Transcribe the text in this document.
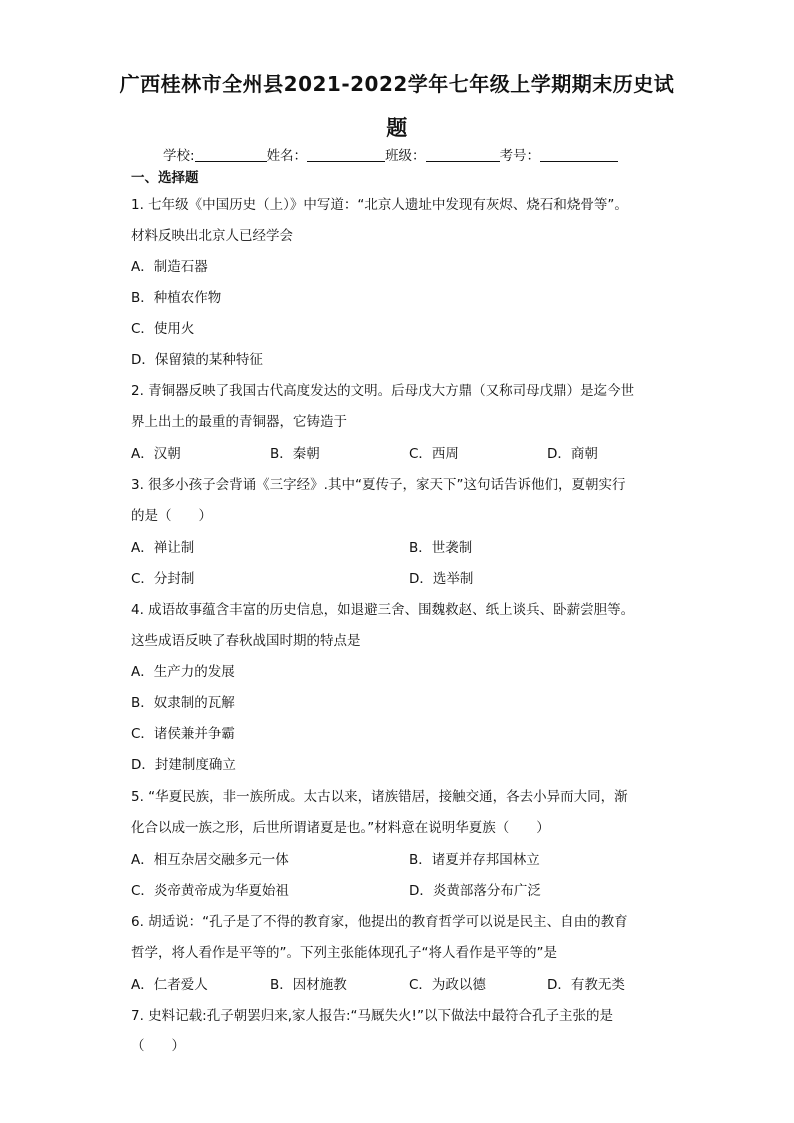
广西桂林市全州县2021-2022学年七年级上学期期末历史试
题
学校:	姓名：	班级：	考号：
一、选择题
1. 七年级《中国历史（上）》中写道：“北京人遗址中发现有灰烬、烧石和烧骨等”。
材料反映出北京人已经学会
A．制造石器
B．种植农作物
C．使用火
D．保留猿的某种特征
2. 青铜器反映了我国古代高度发达的文明。后母戊大方鼎（又称司母戊鼎）是迄今世
界上出土的最重的青铜器，它铸造于
A．汉朝	B．秦朝	C．西周	D．商朝
3. 很多小孩子会背诵《三字经》.其中“夏传子，家天下”这句话告诉他们，夏朝实行
的是（　　）
A．禅让制	B．世袭制
C．分封制	D．选举制
4. 成语故事蕴含丰富的历史信息，如退避三舍、围魏救赵、纸上谈兵、卧薪尝胆等。
这些成语反映了春秋战国时期的特点是
A．生产力的发展
B．奴隶制的瓦解
C．诸侯兼并争霸
D．封建制度确立
5. “华夏民族，非一族所成。太古以来，诸族错居，接触交通，各去小异而大同，渐
化合以成一族之形，后世所谓诸夏是也。”材料意在说明华夏族（　　）
A．相互杂居交融多元一体	B．诸夏并存邦国林立
C．炎帝黄帝成为华夏始祖	D．炎黄部落分布广泛
6. 胡适说：“孔子是了不得的教育家，他提出的教育哲学可以说是民主、自由的教育
哲学，将人看作是平等的”。下列主张能体现孔子“将人看作是平等的”是
A．仁者爱人	B．因材施教	C．为政以德	D．有教无类
7. 史料记载:孔子朝罢归来,家人报告:“马厩失火!”以下做法中最符合孔子主张的是
（　　）
